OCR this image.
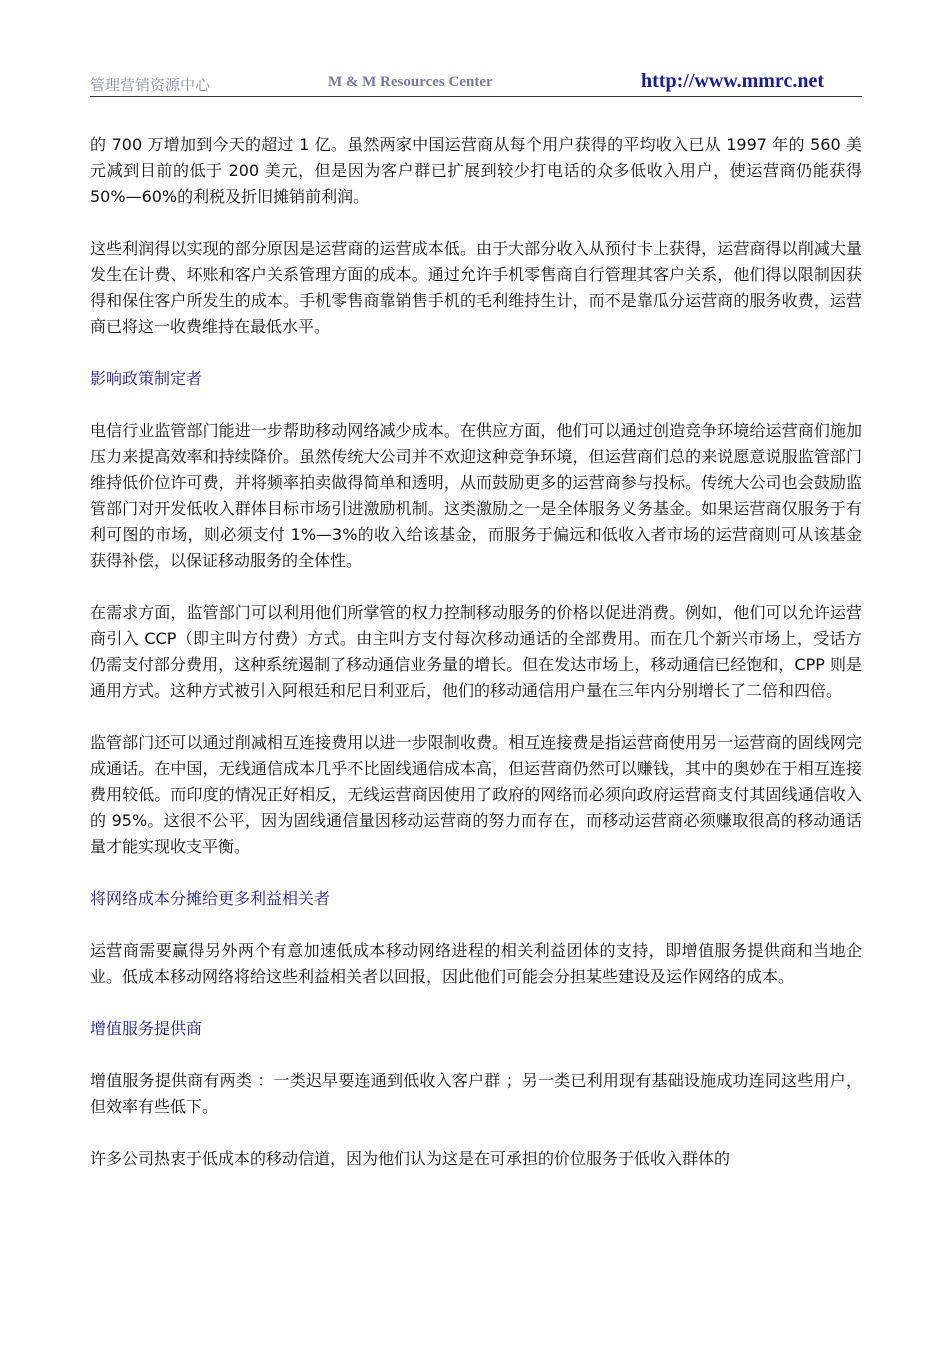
管理营销资源中心	M & M Resources Center	http://www.mmrc.net

的 700 万增加到今天的超过 1 亿。虽然两家中国运营商从每个用户获得的平均收入已从 1997 年的 560 美元减到目前的低于 200 美元，但是因为客户群已扩展到较少打电话的众多低收入用户，使运营商仍能获得 50%—60%的利税及折旧摊销前利润。

这些利润得以实现的部分原因是运营商的运营成本低。由于大部分收入从预付卡上获得，运营商得以削减大量发生在计费、坏账和客户关系管理方面的成本。通过允许手机零售商自行管理其客户关系，他们得以限制因获得和保住客户所发生的成本。手机零售商靠销售手机的毛利维持生计，而不是靠瓜分运营商的服务收费，运营商已将这一收费维持在最低水平。

影响政策制定者

电信行业监管部门能进一步帮助移动网络减少成本。在供应方面，他们可以通过创造竞争环境给运营商们施加压力来提高效率和持续降价。虽然传统大公司并不欢迎这种竞争环境，但运营商们总的来说愿意说服监管部门维持低价位许可费，并将频率拍卖做得简单和透明，从而鼓励更多的运营商参与投标。传统大公司也会鼓励监管部门对开发低收入群体目标市场引进激励机制。这类激励之一是全体服务义务基金。如果运营商仅服务于有利可图的市场，则必须支付 1%—3%的收入给该基金，而服务于偏远和低收入者市场的运营商则可从该基金获得补偿，以保证移动服务的全体性。

在需求方面，监管部门可以利用他们所掌管的权力控制移动服务的价格以促进消费。例如，他们可以允许运营商引入 CCP（即主叫方付费）方式。由主叫方支付每次移动通话的全部费用。而在几个新兴市场上，受话方仍需支付部分费用，这种系统遏制了移动通信业务量的增长。但在发达市场上，移动通信已经饱和，CPP 则是通用方式。这种方式被引入阿根廷和尼日利亚后，他们的移动通信用户量在三年内分别增长了二倍和四倍。

监管部门还可以通过削减相互连接费用以进一步限制收费。相互连接费是指运营商使用另一运营商的固线网完成通话。在中国，无线通信成本几乎不比固线通信成本高，但运营商仍然可以赚钱，其中的奥妙在于相互连接费用较低。而印度的情况正好相反，无线运营商因使用了政府的网络而必须向政府运营商支付其固线通信收入的 95%。这很不公平，因为固线通信量因移动运营商的努力而存在，而移动运营商必须赚取很高的移动通话量才能实现收支平衡。

将网络成本分摊给更多利益相关者

运营商需要赢得另外两个有意加速低成本移动网络进程的相关利益团体的支持，即增值服务提供商和当地企业。低成本移动网络将给这些利益相关者以回报，因此他们可能会分担某些建设及运作网络的成本。

增值服务提供商

增值服务提供商有两类 ：一类迟早要连通到低收入客户群 ；另一类已利用现有基础设施成功连同这些用户，但效率有些低下。

许多公司热衷于低成本的移动信道，因为他们认为这是在可承担的价位服务于低收入群体的
